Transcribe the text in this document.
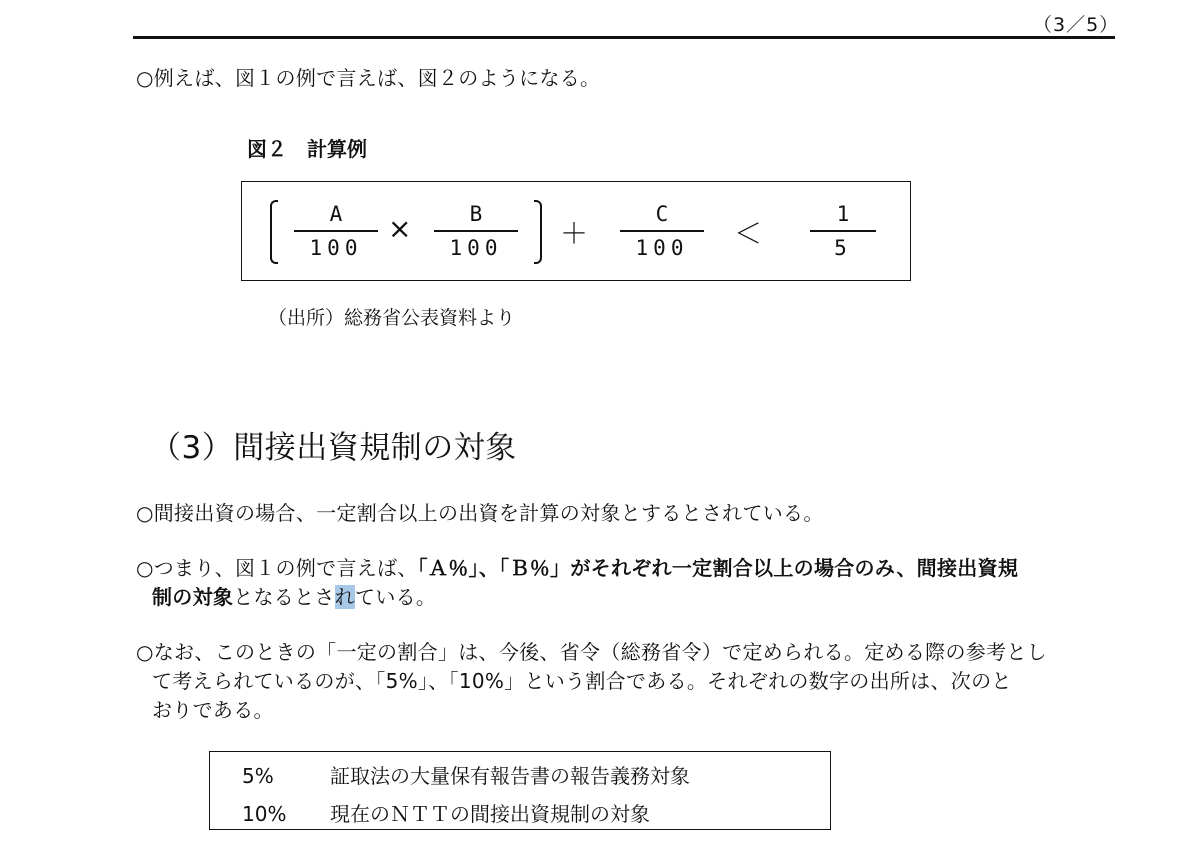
（3／5）
○例えば、図１の例で言えば、図２のようになる。
図２　計算例
A
100
×	B
100	＋
C
100	＜
1
5
（出所）総務省公表資料より
（3）間接出資規制の対象
○間接出資の場合、一定割合以上の出資を計算の対象とするとされている。
○つまり、図１の例で言えば、「Ａ％」、「Ｂ％」がそれぞれ一定割合以上の場合のみ、間接出資規
制の対象となるとされている。
○なお、このときの「一定の割合」は、今後、省令（総務省令）で定められる。定める際の参考とし
て考えられているのが、「5%」、「10%」という割合である。それぞれの数字の出所は、次のと
おりである。
5%	証取法の大量保有報告書の報告義務対象
10% 現在のＮＴＴの間接出資規制の対象
